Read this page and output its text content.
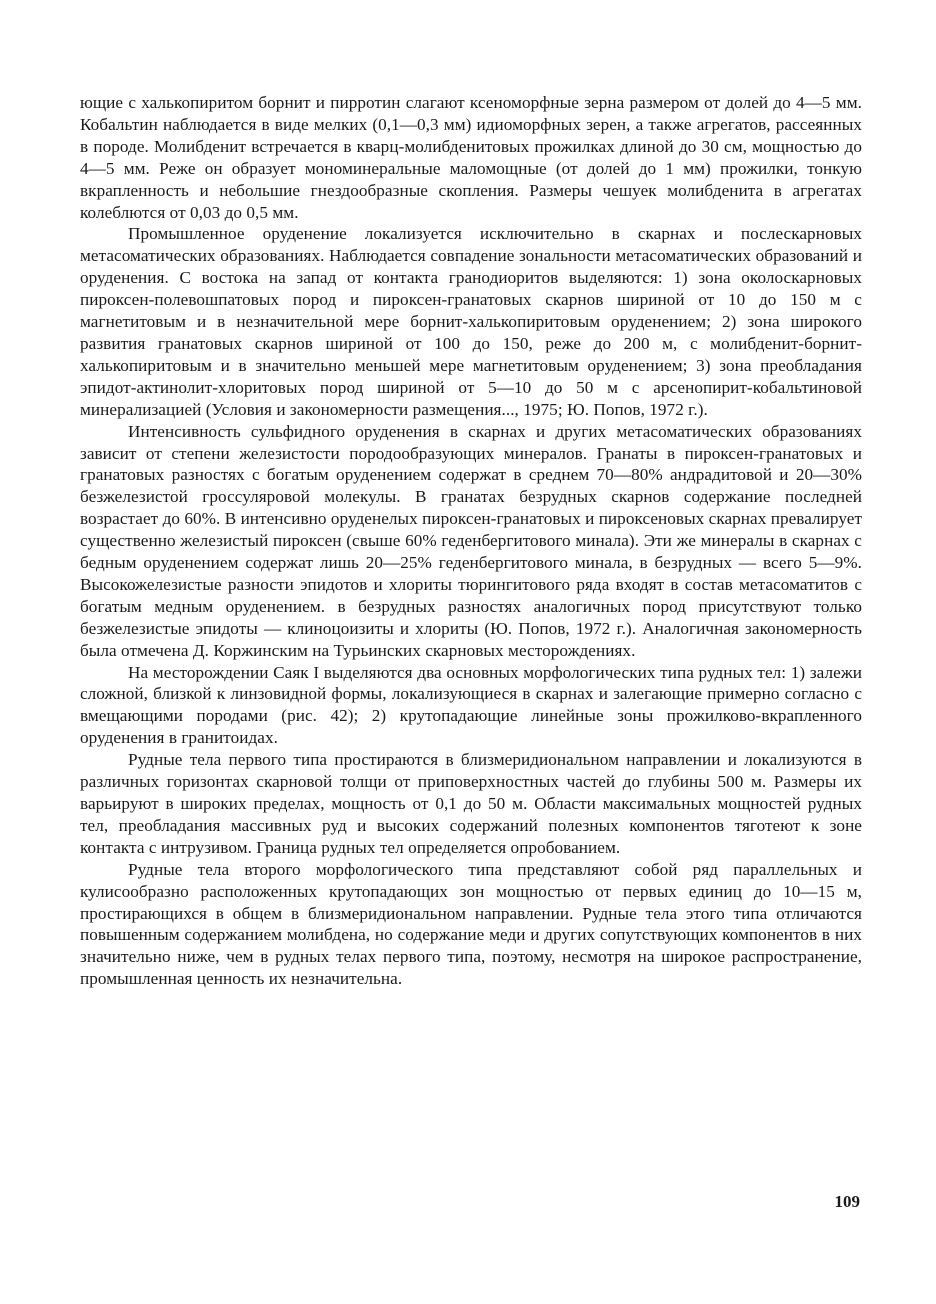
ющие с халькопиритом борнит и пирротин слагают ксеноморфные зерна размером от долей до 4—5 мм. Кобальтин наблюдается в виде мелких (0,1—0,3 мм) идиоморфных зерен, а также агрегатов, рассеянных в породе. Молибденит встречается в кварц-молибденитовых прожилках длиной до 30 см, мощностью до 4—5 мм. Реже он образует мономинеральные маломощные (от долей до 1 мм) прожилки, тонкую вкрапленность и небольшие гнездообразные скопления. Размеры чешуек молибденита в агрегатах колеблются от 0,03 до 0,5 мм.

Промышленное оруденение локализуется исключительно в скарнах и послескарновых метасоматических образованиях. Наблюдается совпадение зональности метасоматических образований и оруденения. С востока на запад от контакта гранодиоритов выделяются: 1) зона околоскарновых пироксен-полевошпатовых пород и пироксен-гранатовых скарнов шириной от 10 до 150 м с магнетитовым и в незначительной мере борнит-халькопиритовым оруденением; 2) зона широкого развития гранатовых скарнов шириной от 100 до 150, реже до 200 м, с молибденит-борнит-халькопиритовым и в значительно меньшей мере магнетитовым оруденением; 3) зона преобладания эпидот-актинолит-хлоритовых пород шириной от 5—10 до 50 м с арсенопирит-кобальтиновой минерализацией (Условия и закономерности размещения..., 1975; Ю. Попов, 1972 г.).

Интенсивность сульфидного оруденения в скарнах и других метасоматических образованиях зависит от степени железистости породообразующих минералов. Гранаты в пироксен-гранатовых и гранатовых разностях с богатым оруденением содержат в среднем 70—80% андрадитовой и 20—30% безжелезистой гроссуляровой молекулы. В гранатах безрудных скарнов содержание последней возрастает до 60%. В интенсивно оруденелых пироксен-гранатовых и пироксеновых скарнах превалирует существенно железистый пироксен (свыше 60% геденбергитового минала). Эти же минералы в скарнах с бедным оруденением содержат лишь 20—25% геденбергитового минала, в безрудных — всего 5—9%. Высокожелезистые разности эпидотов и хлориты тюрингитового ряда входят в состав метасоматитов с богатым медным оруденением. в безрудных разностях аналогичных пород присутствуют только безжелезистые эпидоты — клиноцоизиты и хлориты (Ю. Попов, 1972 г.). Аналогичная закономерность была отмечена Д. Коржинским на Турьинских скарновых месторождениях.

На месторождении Саяк I выделяются два основных морфологических типа рудных тел: 1) залежи сложной, близкой к линзовидной формы, локализующиеся в скарнах и залегающие примерно согласно с вмещающими породами (рис. 42); 2) крутопадающие линейные зоны прожилково-вкрапленного оруденения в гранитоидах.

Рудные тела первого типа простираются в близмеридиональном направлении и локализуются в различных горизонтах скарновой толщи от приповерхностных частей до глубины 500 м. Размеры их варьируют в широких пределах, мощность от 0,1 до 50 м. Области максимальных мощностей рудных тел, преобладания массивных руд и высоких содержаний полезных компонентов тяготеют к зоне контакта с интрузивом. Граница рудных тел определяется опробованием.

Рудные тела второго морфологического типа представляют собой ряд параллельных и кулисообразно расположенных крутопадающих зон мощностью от первых единиц до 10—15 м, простирающихся в общем в близмеридиональном направлении. Рудные тела этого типа отличаются повышенным содержанием молибдена, но содержание меди и других сопутствующих компонентов в них значительно ниже, чем в рудных телах первого типа, поэтому, несмотря на широкое распространение, промышленная ценность их незначительна.

109
